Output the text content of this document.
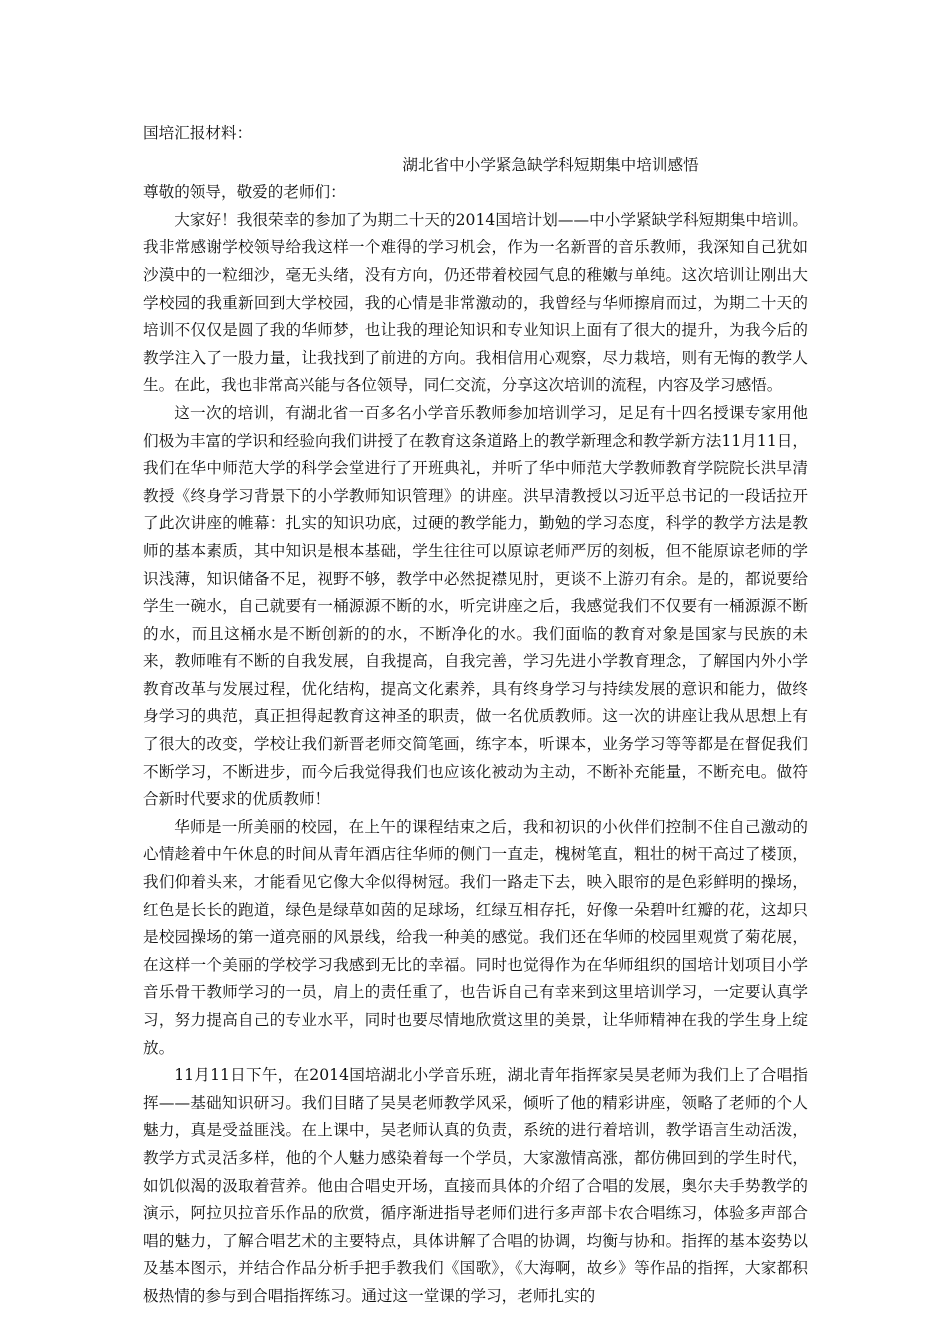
国培汇报材料：

湖北省中小学紧急缺学科短期集中培训感悟

尊敬的领导，敬爱的老师们：

大家好！我很荣幸的参加了为期二十天的2014国培计划——中小学紧缺学科短期集中培训。我非常感谢学校领导给我这样一个难得的学习机会，作为一名新晋的音乐教师，我深知自己犹如沙漠中的一粒细沙，毫无头绪，没有方向，仍还带着校园气息的稚嫩与单纯。这次培训让刚出大学校园的我重新回到大学校园，我的心情是非常激动的，我曾经与华师擦肩而过，为期二十天的培训不仅仅是圆了我的华师梦，也让我的理论知识和专业知识上面有了很大的提升，为我今后的教学注入了一股力量，让我找到了前进的方向。我相信用心观察，尽力栽培，则有无悔的教学人生。在此，我也非常高兴能与各位领导，同仁交流，分享这次培训的流程，内容及学习感悟。

这一次的培训，有湖北省一百多名小学音乐教师参加培训学习，足足有十四名授课专家用他们极为丰富的学识和经验向我们讲授了在教育这条道路上的教学新理念和教学新方法11月11日，我们在华中师范大学的科学会堂进行了开班典礼，并听了华中师范大学教师教育学院院长洪早清教授《终身学习背景下的小学教师知识管理》的讲座。洪早清教授以习近平总书记的一段话拉开了此次讲座的帷幕：扎实的知识功底，过硬的教学能力，勤勉的学习态度，科学的教学方法是教师的基本素质，其中知识是根本基础，学生往往可以原谅老师严厉的刻板，但不能原谅老师的学识浅薄，知识储备不足，视野不够，教学中必然捉襟见肘，更谈不上游刃有余。是的，都说要给学生一碗水，自己就要有一桶源源不断的水，听完讲座之后，我感觉我们不仅要有一桶源源不断的水，而且这桶水是不断创新的的水，不断净化的水。我们面临的教育对象是国家与民族的未来，教师唯有不断的自我发展，自我提高，自我完善，学习先进小学教育理念，了解国内外小学教育改革与发展过程，优化结构，提高文化素养，具有终身学习与持续发展的意识和能力，做终身学习的典范，真正担得起教育这神圣的职责，做一名优质教师。这一次的讲座让我从思想上有了很大的改变，学校让我们新晋老师交简笔画，练字本，听课本，业务学习等等都是在督促我们不断学习，不断进步，而今后我觉得我们也应该化被动为主动，不断补充能量，不断充电。做符合新时代要求的优质教师！

华师是一所美丽的校园，在上午的课程结束之后，我和初识的小伙伴们控制不住自己激动的心情趁着中午休息的时间从青年酒店往华师的侧门一直走，槐树笔直，粗壮的树干高过了楼顶，我们仰着头来，才能看见它像大伞似得树冠。我们一路走下去，映入眼帘的是色彩鲜明的操场，红色是长长的跑道，绿色是绿草如茵的足球场，红绿互相存托，好像一朵碧叶红瓣的花，这却只是校园操场的第一道亮丽的风景线，给我一种美的感觉。我们还在华师的校园里观赏了菊花展，在这样一个美丽的学校学习我感到无比的幸福。同时也觉得作为在华师组织的国培计划项目小学音乐骨干教师学习的一员，肩上的责任重了，也告诉自己有幸来到这里培训学习，一定要认真学习，努力提高自己的专业水平，同时也要尽情地欣赏这里的美景，让华师精神在我的学生身上绽放。

11月11日下午，在2014国培湖北小学音乐班，湖北青年指挥家吴昊老师为我们上了合唱指挥——基础知识研习。我们目睹了吴昊老师教学风采，倾听了他的精彩讲座，领略了老师的个人魅力，真是受益匪浅。在上课中，吴老师认真的负责，系统的进行着培训，教学语言生动活泼，教学方式灵活多样，他的个人魅力感染着每一个学员，大家激情高涨，都仿佛回到的学生时代，如饥似渴的汲取着营养。他由合唱史开场，直接而具体的介绍了合唱的发展，奥尔夫手势教学的演示，阿拉贝拉音乐作品的欣赏，循序渐进指导老师们进行多声部卡农合唱练习，体验多声部合唱的魅力，了解合唱艺术的主要特点，具体讲解了合唱的协调，均衡与协和。指挥的基本姿势以及基本图示，并结合作品分析手把手教我们《国歌》，《大海啊，故乡》等作品的指挥，大家都积极热情的参与到合唱指挥练习。通过这一堂课的学习，老师扎实的
